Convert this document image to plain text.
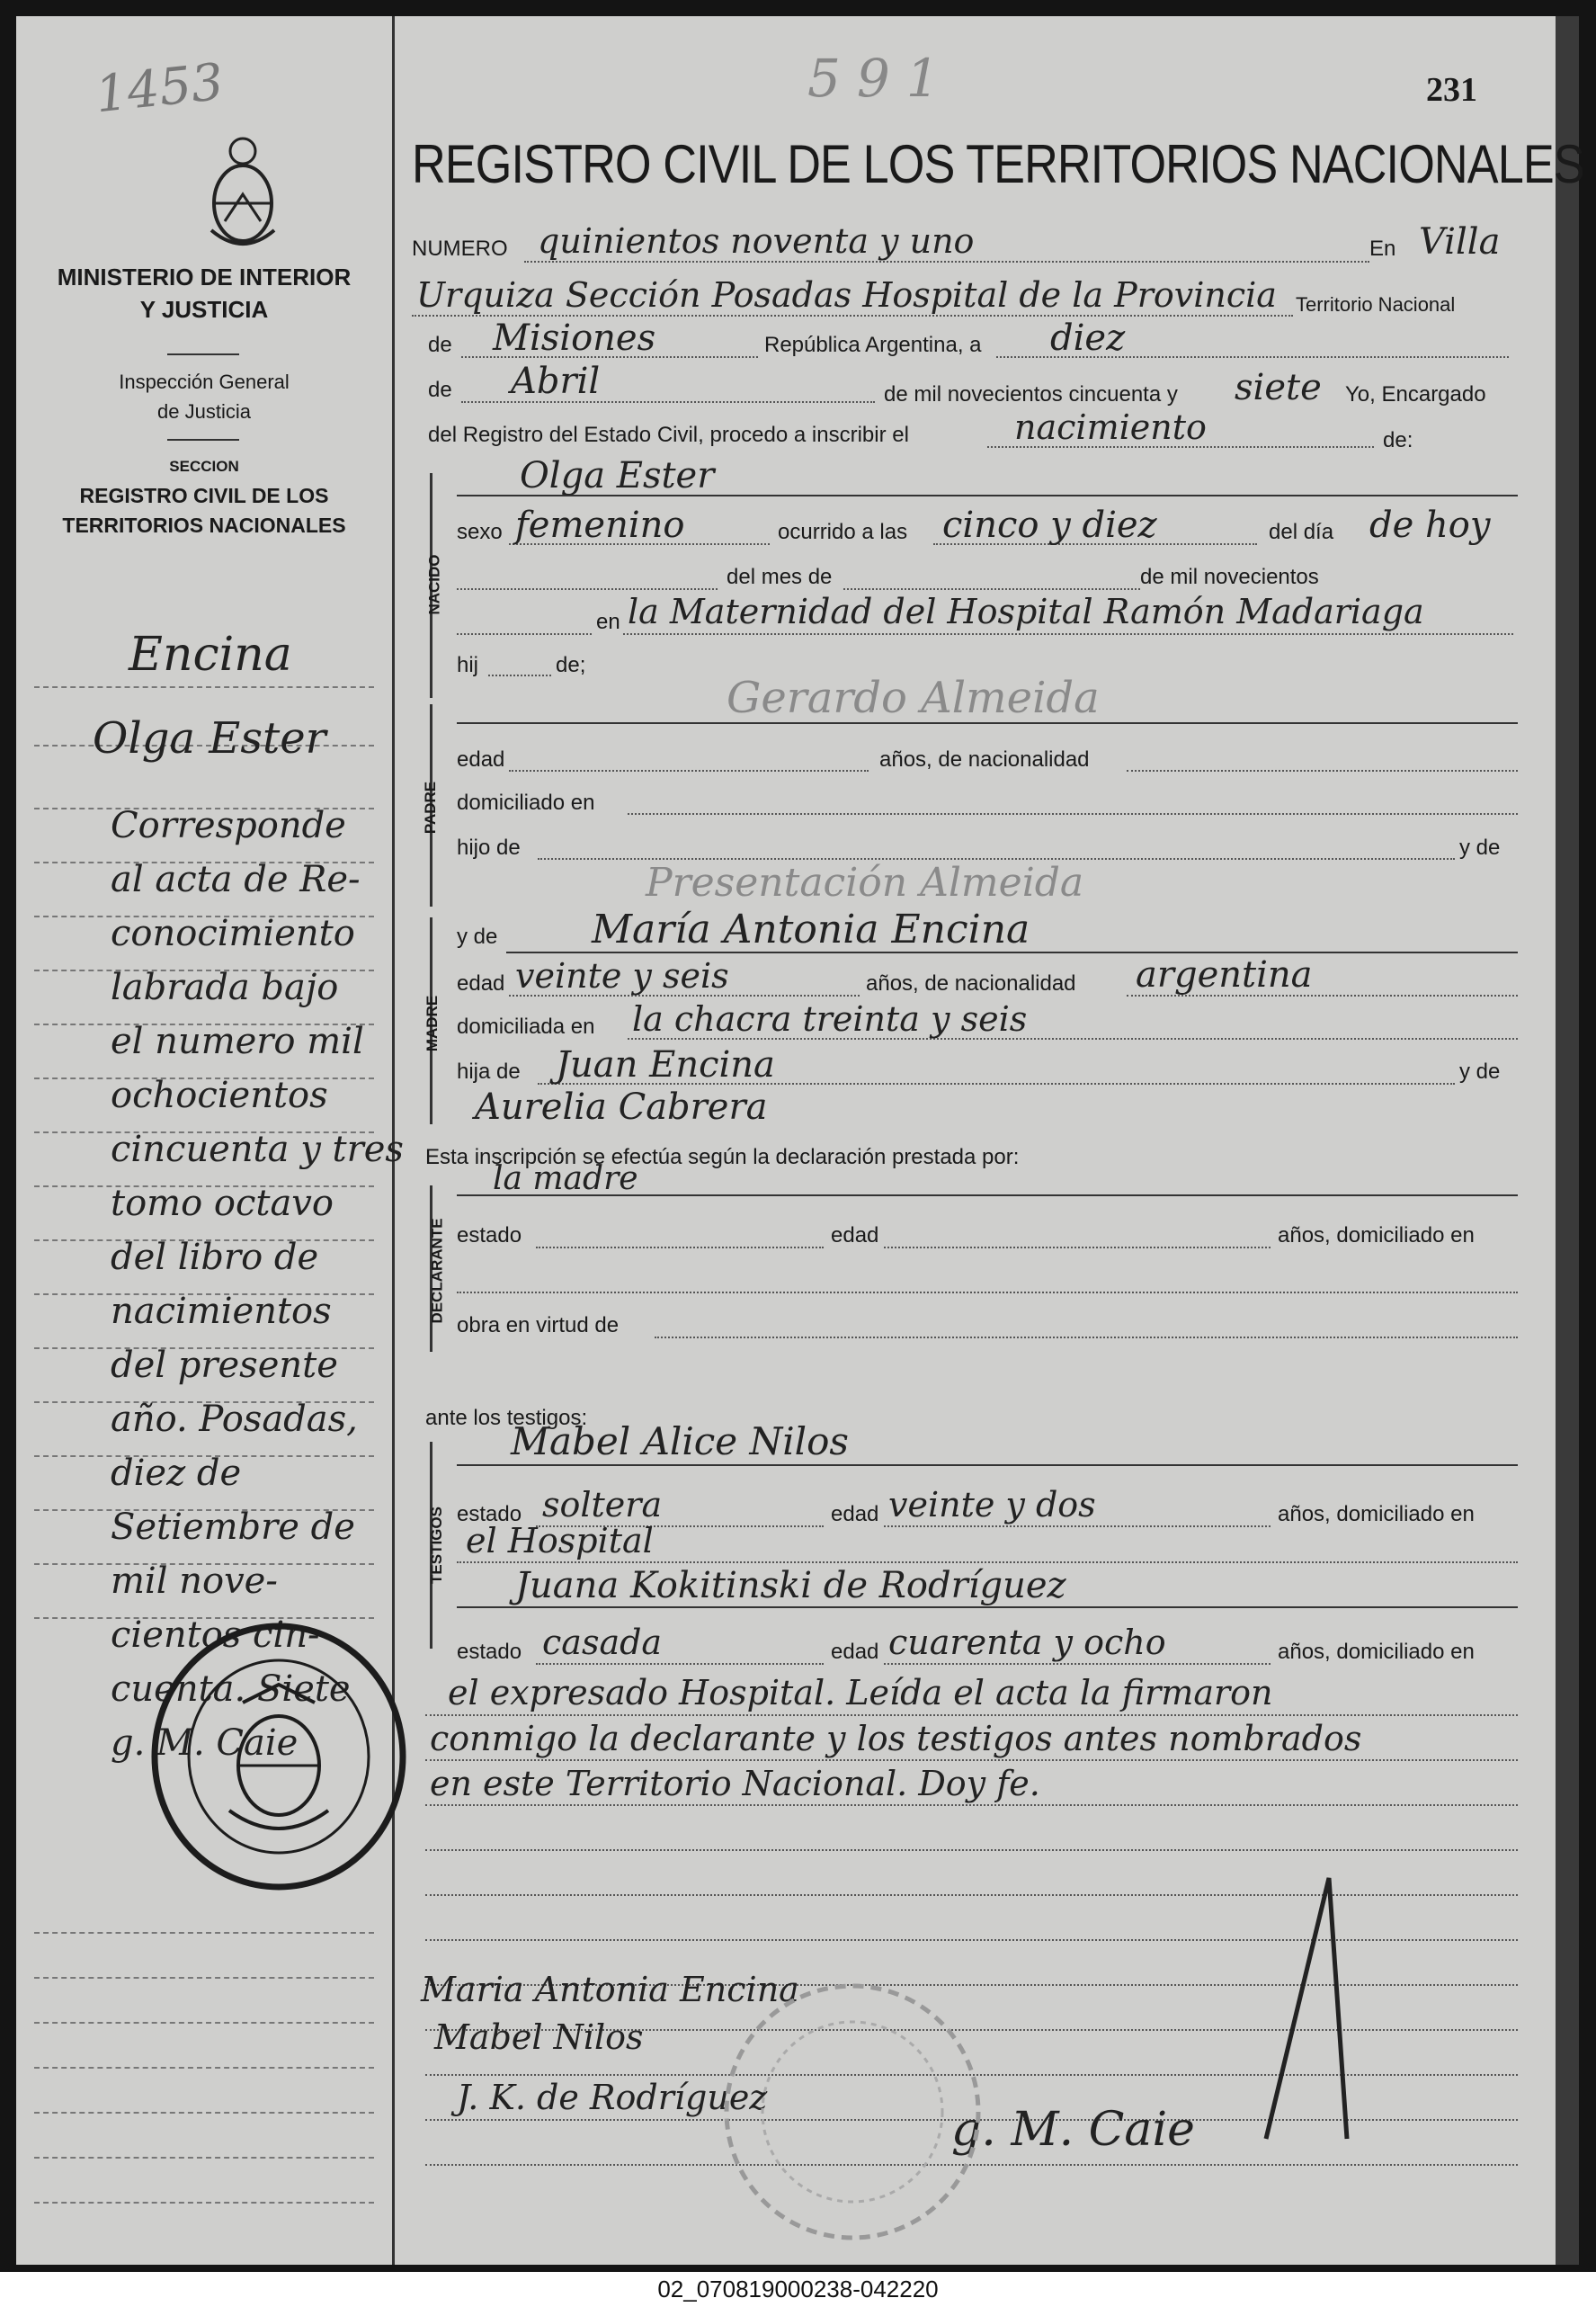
1453
MINISTERIO DE INTERIOR
Y JUSTICIA
Inspección General
de Justicia
SECCION
REGISTRO CIVIL DE LOS
TERRITORIOS NACIONALES
Encina
Olga Ester
Corresponde
al acta de Re-
conocimiento
labrada bajo
el numero mil
ochocientos
cincuenta y tres
tomo octavo
del libro de
nacimientos
del presente
año. Posadas,
diez de
Setiembre de
mil nove-
cientos cin-
cuenta. Siete
g. M. Caie
591	231
REGISTRO CIVIL DE LOS TERRITORIOS NACIONALES
NUMERO quinientos noventa y uno	En Villa
Urquiza Sección Posadas Hospital de la Provincia Territorio Nacional
de Misiones	República Argentina, a diez
de Abril	de mil novecientos cincuenta y siete Yo, Encargado
del Registro del Estado Civil, procedo a inscribir el	nacimiento	de:
NACIDO
Olga Ester
sexo femenino	ocurrido a las cinco y diez	del día de hoy
del mes de	de mil novecientos
en la Maternidad del Hospital Ramón Madariaga
hij	de;
PADRE
Gerardo Almeida
edad	años, de nacionalidad
domiciliado en
hijo de	y de
Presentación Almeida
MADRE
y de María Antonia Encina
edad veinte y seis	años, de nacionalidad argentina
domiciliada en la chacra treinta y seis
hija de Juan Encina	y de
Aurelia Cabrera
Esta inscripción se efectúa según la declaración prestada por:
la madre
DECLARANTE estado	edad	años, domiciliado en
obra en virtud de
ante los testigos:
TESTIGOS
Mabel Alice Nilos
estado soltera	edad veinte y dos	años, domiciliado en
el Hospital
Juana Kokitinski de Rodríguez
estado casada	edad cuarenta y ocho	años, domiciliado en
el expresado Hospital. Leída el acta la firmaron
conmigo la declarante y los testigos antes nombrados
en este Territorio Nacional. Doy fe.
Maria Antonia Encina
Mabel Nilos
J. K. de Rodríguez
g. M. Caie
02_070819000238-042220
